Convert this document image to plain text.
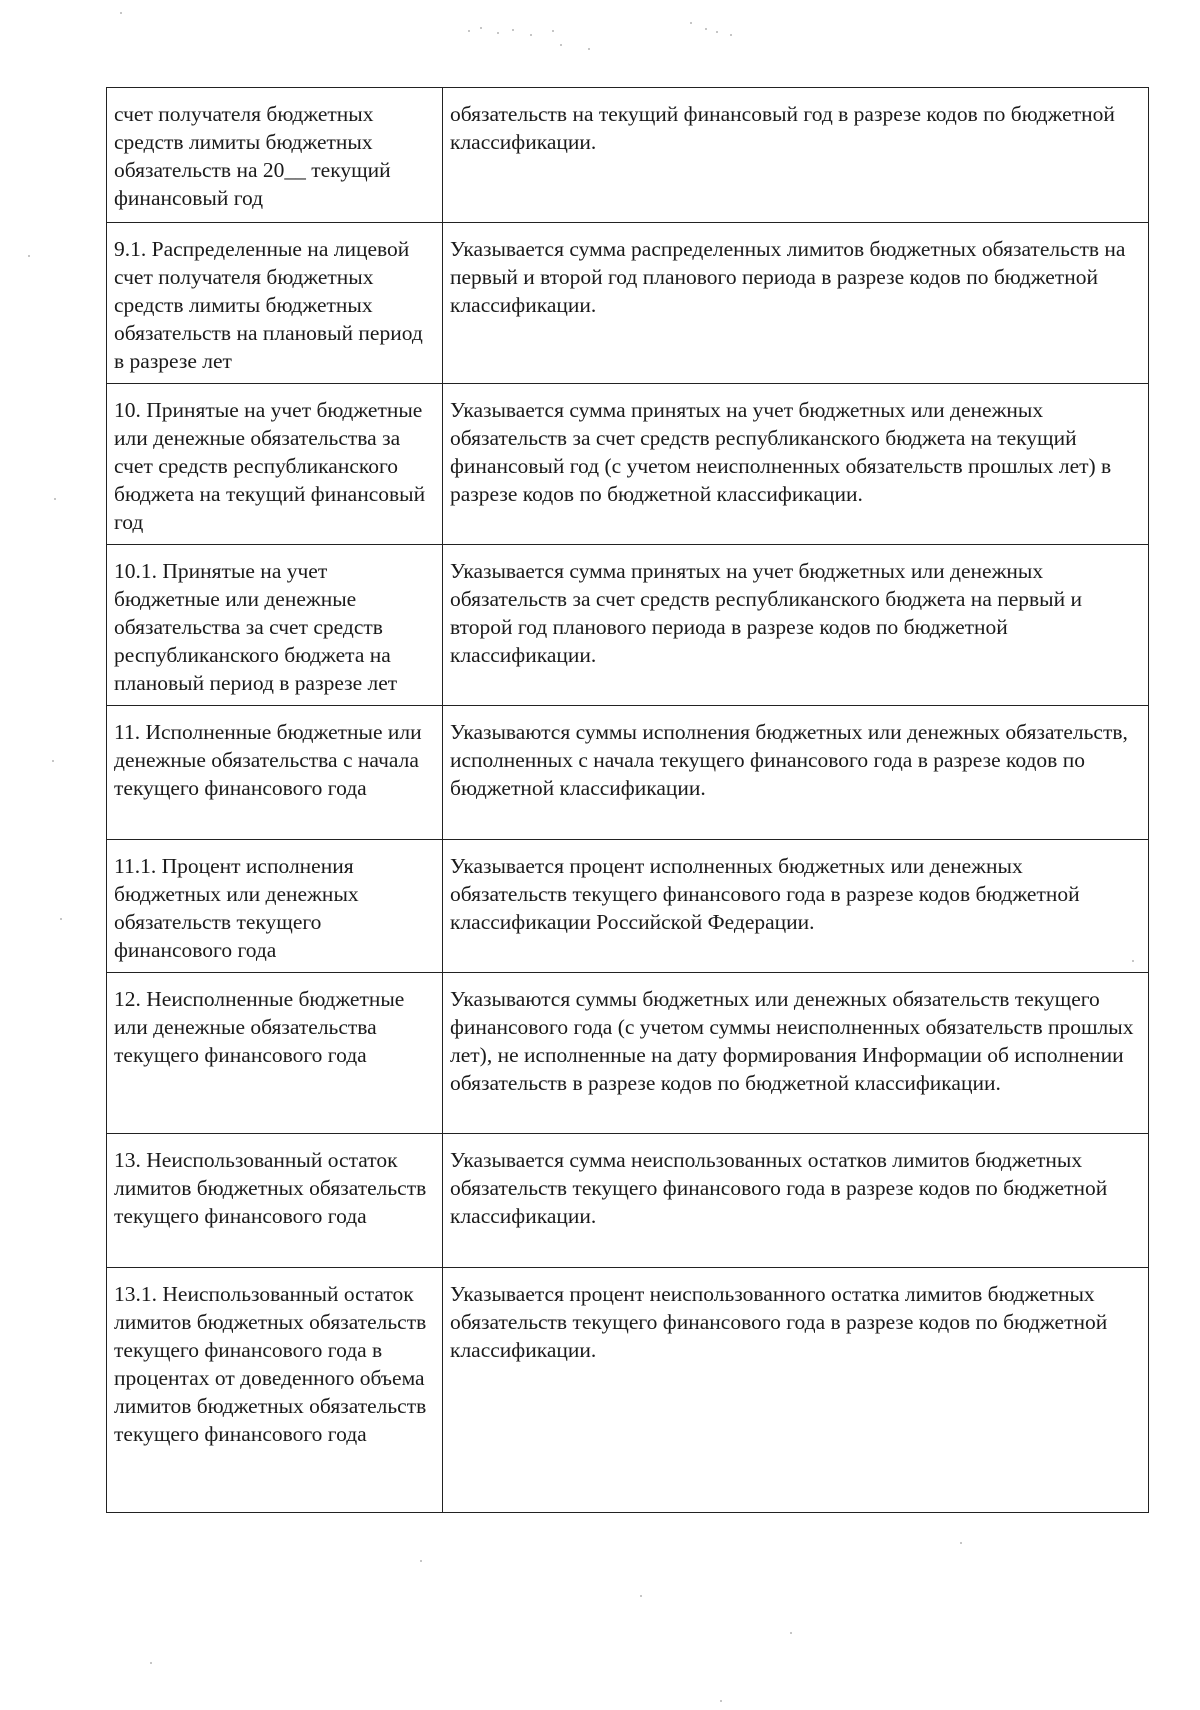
счет получателя бюджетных средств лимиты бюджетных обязательств на 20__ текущий финансовый год	обязательств на текущий финансовый год в разрезе кодов по бюджетной классификации.

9.1. Распределенные на лицевой счет получателя бюджетных средств лимиты бюджетных обязательств на плановый период в разрезе лет	Указывается сумма распределенных лимитов бюджетных обязательств на первый и второй год планового периода в разрезе кодов по бюджетной классификации.

10. Принятые на учет бюджетные или денежные обязательства за счет средств республиканского бюджета на текущий финансовый год	Указывается сумма принятых на учет бюджетных или денежных обязательств за счет средств республиканского бюджета на текущий финансовый год (с учетом неисполненных обязательств прошлых лет) в разрезе кодов по бюджетной классификации.

10.1. Принятые на учет бюджетные или денежные обязательства за счет средств республиканского бюджета на плановый период в разрезе лет	Указывается сумма принятых на учет бюджетных или денежных обязательств за счет средств республиканского бюджета на первый и второй год планового периода в разрезе кодов по бюджетной классификации.

11. Исполненные бюджетные или денежные обязательства с начала текущего финансового года	Указываются суммы исполнения бюджетных или денежных обязательств, исполненных с начала текущего финансового года в разрезе кодов по бюджетной классификации.

11.1. Процент исполнения бюджетных или денежных обязательств текущего финансового года	Указывается процент исполненных бюджетных или денежных обязательств текущего финансового года в разрезе кодов бюджетной классификации Российской Федерации.

12. Неисполненные бюджетные или денежные обязательства текущего финансового года	Указываются суммы бюджетных или денежных обязательств текущего финансового года (с учетом суммы неисполненных обязательств прошлых лет), не исполненные на дату формирования Информации об исполнении обязательств в разрезе кодов по бюджетной классификации.

13. Неиспользованный остаток лимитов бюджетных обязательств текущего финансового года	Указывается сумма неиспользованных остатков лимитов бюджетных обязательств текущего финансового года в разрезе кодов по бюджетной классификации.

13.1. Неиспользованный остаток лимитов бюджетных обязательств текущего финансового года в процентах от доведенного объема лимитов бюджетных обязательств текущего финансового года	Указывается процент неиспользованного остатка лимитов бюджетных обязательств текущего финансового года в разрезе кодов по бюджетной классификации.
